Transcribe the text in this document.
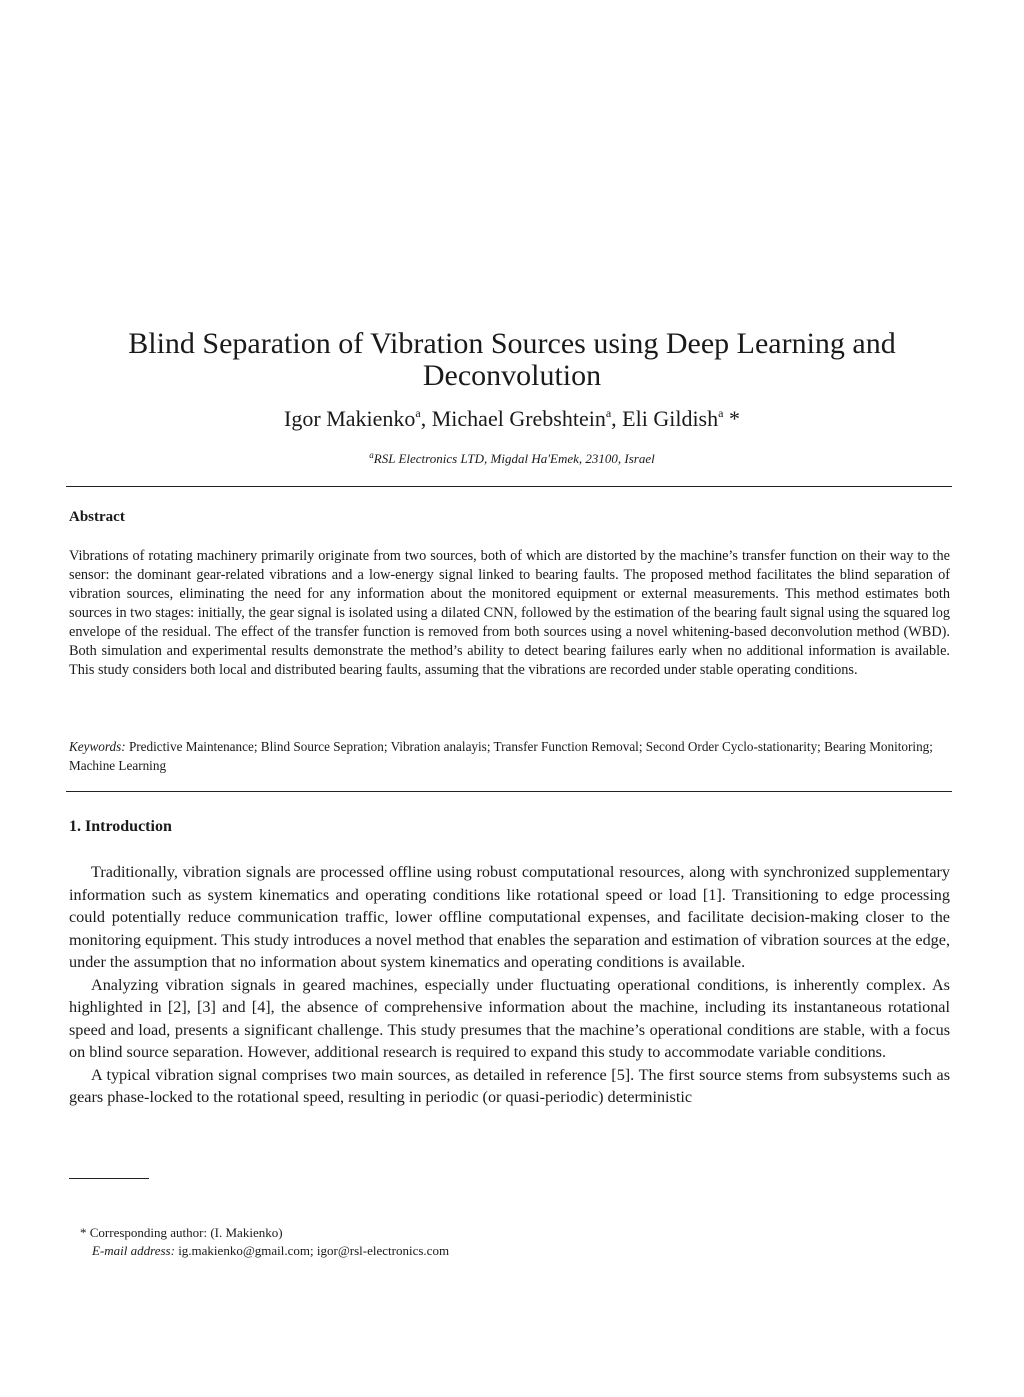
Blind Separation of Vibration Sources using Deep Learning and Deconvolution
Igor Makienko$^a$, Michael Grebshtein$^a$, Eli Gildish$^a$ *
$^a$RSL Electronics LTD, Migdal Ha'Emek, 23100, Israel
Abstract

Vibrations of rotating machinery primarily originate from two sources, both of which are distorted by the machine’s transfer function on their way to the sensor: the dominant gear-related vibrations and a low-energy signal linked to bearing faults. The proposed method facilitates the blind separation of vibration sources, eliminating the need for any information about the monitored equipment or external measurements. This method estimates both sources in two stages: initially, the gear signal is isolated using a dilated CNN, followed by the estimation of the bearing fault signal using the squared log envelope of the residual. The effect of the transfer function is removed from both sources using a novel whitening-based deconvolution method (WBD). Both simulation and experimental results demonstrate the method’s ability to detect bearing failures early when no additional information is available. This study considers both local and distributed bearing faults, assuming that the vibrations are recorded under stable operating conditions.

Keywords: Predictive Maintenance; Blind Source Sepration; Vibration analayis; Transfer Function Removal; Second Order Cyclo-stationarity; Bearing Monitoring; Machine Learning

1. Introduction

Traditionally, vibration signals are processed offline using robust computational resources, along with synchronized supplementary information such as system kinematics and operating conditions like rotational speed or load [1]. Transitioning to edge processing could potentially reduce communication traffic, lower offline computational expenses, and facilitate decision-making closer to the monitoring equipment. This study introduces a novel method that enables the separation and estimation of vibration sources at the edge, under the assumption that no information about system kinematics and operating conditions is available.

Analyzing vibration signals in geared machines, especially under fluctuating operational conditions, is inherently complex. As highlighted in [2], [3] and [4], the absence of comprehensive information about the machine, including its instantaneous rotational speed and load, presents a significant challenge. This study presumes that the machine’s operational conditions are stable, with a focus on blind source separation. However, additional research is required to expand this study to accommodate variable conditions.

A typical vibration signal comprises two main sources, as detailed in reference [5]. The first source stems from subsystems such as gears phase-locked to the rotational speed, resulting in periodic (or quasi-periodic) deterministic

* Corresponding author: (I. Makienko)
E-mail address: ig.makienko@gmail.com; igor@rsl-electronics.com
